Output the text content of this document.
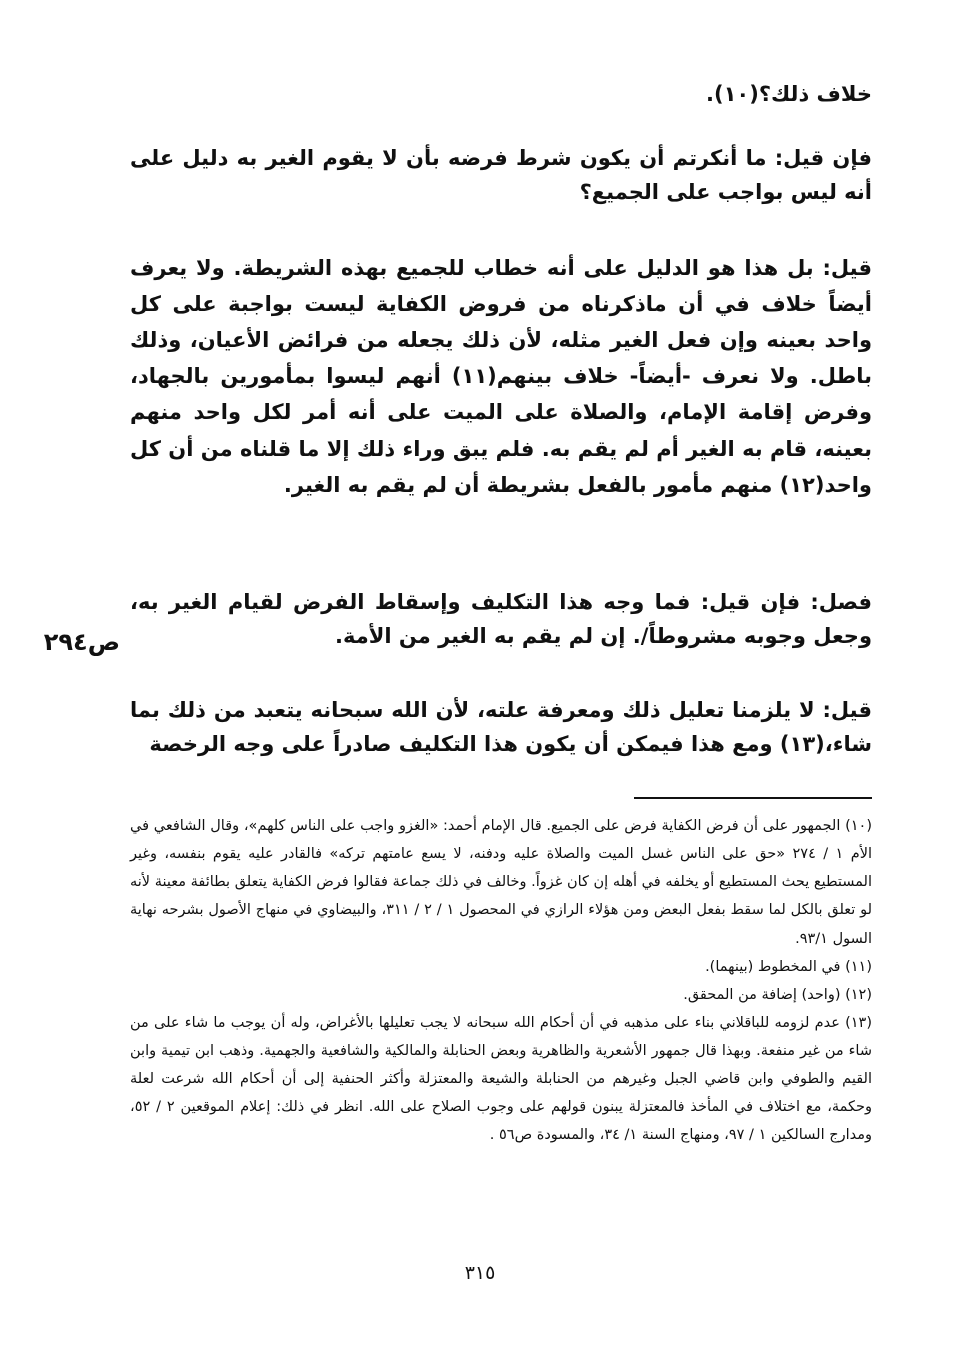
خلاف ذلك؟(١٠).

فإن قيل: ما أنكرتم أن يكون شرط فرضه بأن لا يقوم الغير به دليل على أنه ليس بواجب على الجميع؟

قيل: بل هذا هو الدليل على أنه خطاب للجميع بهذه الشريطة. ولا يعرف أيضاً خلاف في أن ماذكرناه من فروض الكفاية ليست بواجبة على كل واحد بعينه وإن فعل الغير مثله، لأن ذلك يجعله من فرائض الأعيان، وذلك باطل. ولا نعرف -أيضاً- خلاف بينهم(١١) أنهم ليسوا بمأمورين بالجهاد، وفرض إقامة الإمام، والصلاة على الميت على أنه أمر لكل واحد منهم بعينه، قام به الغير أم لم يقم به. فلم يبق وراء ذلك إلا ما قلناه من أن كل واحد(١٢) منهم مأمور بالفعل بشريطة أن لم يقم به الغير.

فصل: فإن قيل: فما وجه هذا التكليف وإسقاط الفرض لقيام الغير به، وجعل وجوبه مشروطاً/. إن لم يقم به الغير من الأمة.

قيل: لا يلزمنا تعليل ذلك ومعرفة علته، لأن الله سبحانه يتعبد من ذلك بما شاء،(١٣) ومع هذا فيمكن أن يكون هذا التكليف صادراً على وجه الرخصة

ص٢٩٤

(١٠) الجمهور على أن فرض الكفاية فرض على الجميع. قال الإمام أحمد: «الغزو واجب على الناس كلهم»، وقال الشافعي في الأم ١ / ٢٧٤ «حق على الناس غسل الميت والصلاة عليه ودفنه، لا يسع عامتهم تركه» فالقادر عليه يقوم بنفسه، وغير المستطيع يحث المستطيع أو يخلفه في أهله إن كان غزواً. وخالف في ذلك جماعة فقالوا فرض الكفاية يتعلق بطائفة معينة لأنه لو تعلق بالكل لما سقط بفعل البعض ومن هؤلاء الرازي في المحصول ١ / ٢ / ٣١١، والبيضاوي في منهاج الأصول بشرحه نهاية السول ٩٣/١.

(١١) في المخطوط (بينهما).

(١٢) (واحد) إضافة من المحقق.

(١٣) عدم لزومه للباقلاني بناء على مذهبه في أن أحكام الله سبحانه لا يجب تعليلها بالأغراض، وله أن يوجب ما شاء على من شاء من غير منفعة. وبهذا قال جمهور الأشعرية والظاهرية وبعض الحنابلة والمالكية والشافعية والجهمية. وذهب ابن تيمية وابن القيم والطوفي وابن قاضي الجبل وغيرهم من الحنابلة والشيعة والمعتزلة وأكثر الحنفية إلى أن أحكام الله شرعت لعلة وحكمة، مع اختلاف في المأخذ فالمعتزلة يبنون قولهم على وجوب الصلاح على الله. انظر في ذلك: إعلام الموقعين ٢ / ٥٢، ومدارج السالكين ١ / ٩٧، ومنهاج السنة ١/ ٣٤، والمسودة ص٥٦ .

٣١٥
